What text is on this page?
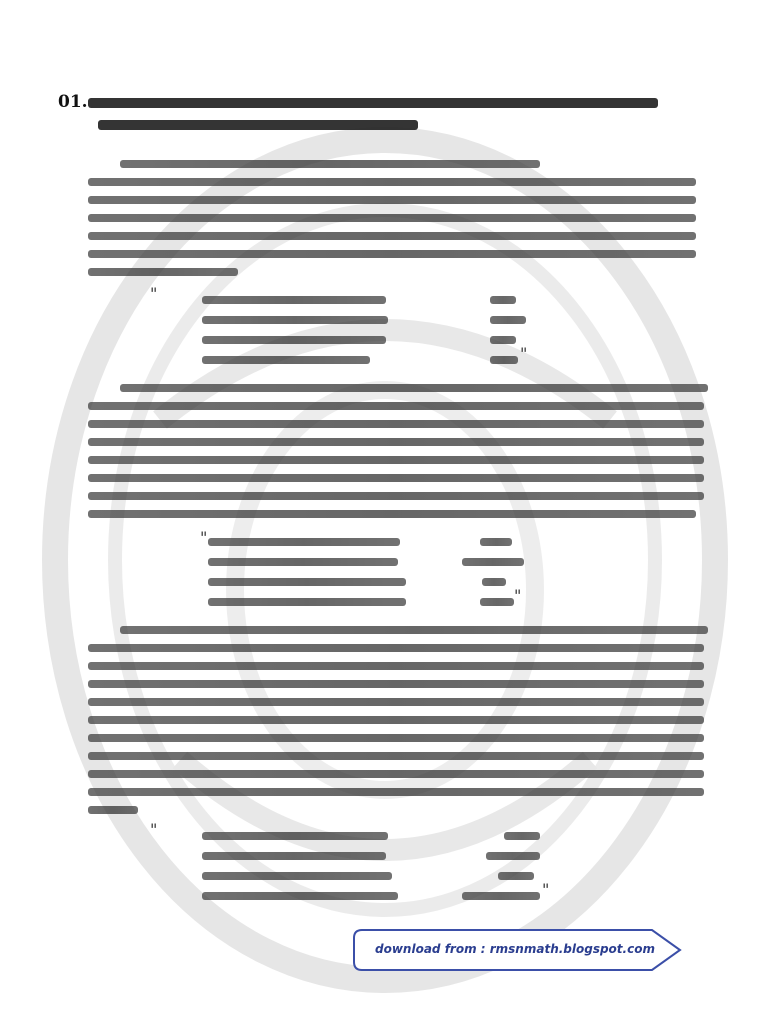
01.
"
"
"
"
"
"
download from : rmsnmath.blogspot.com
